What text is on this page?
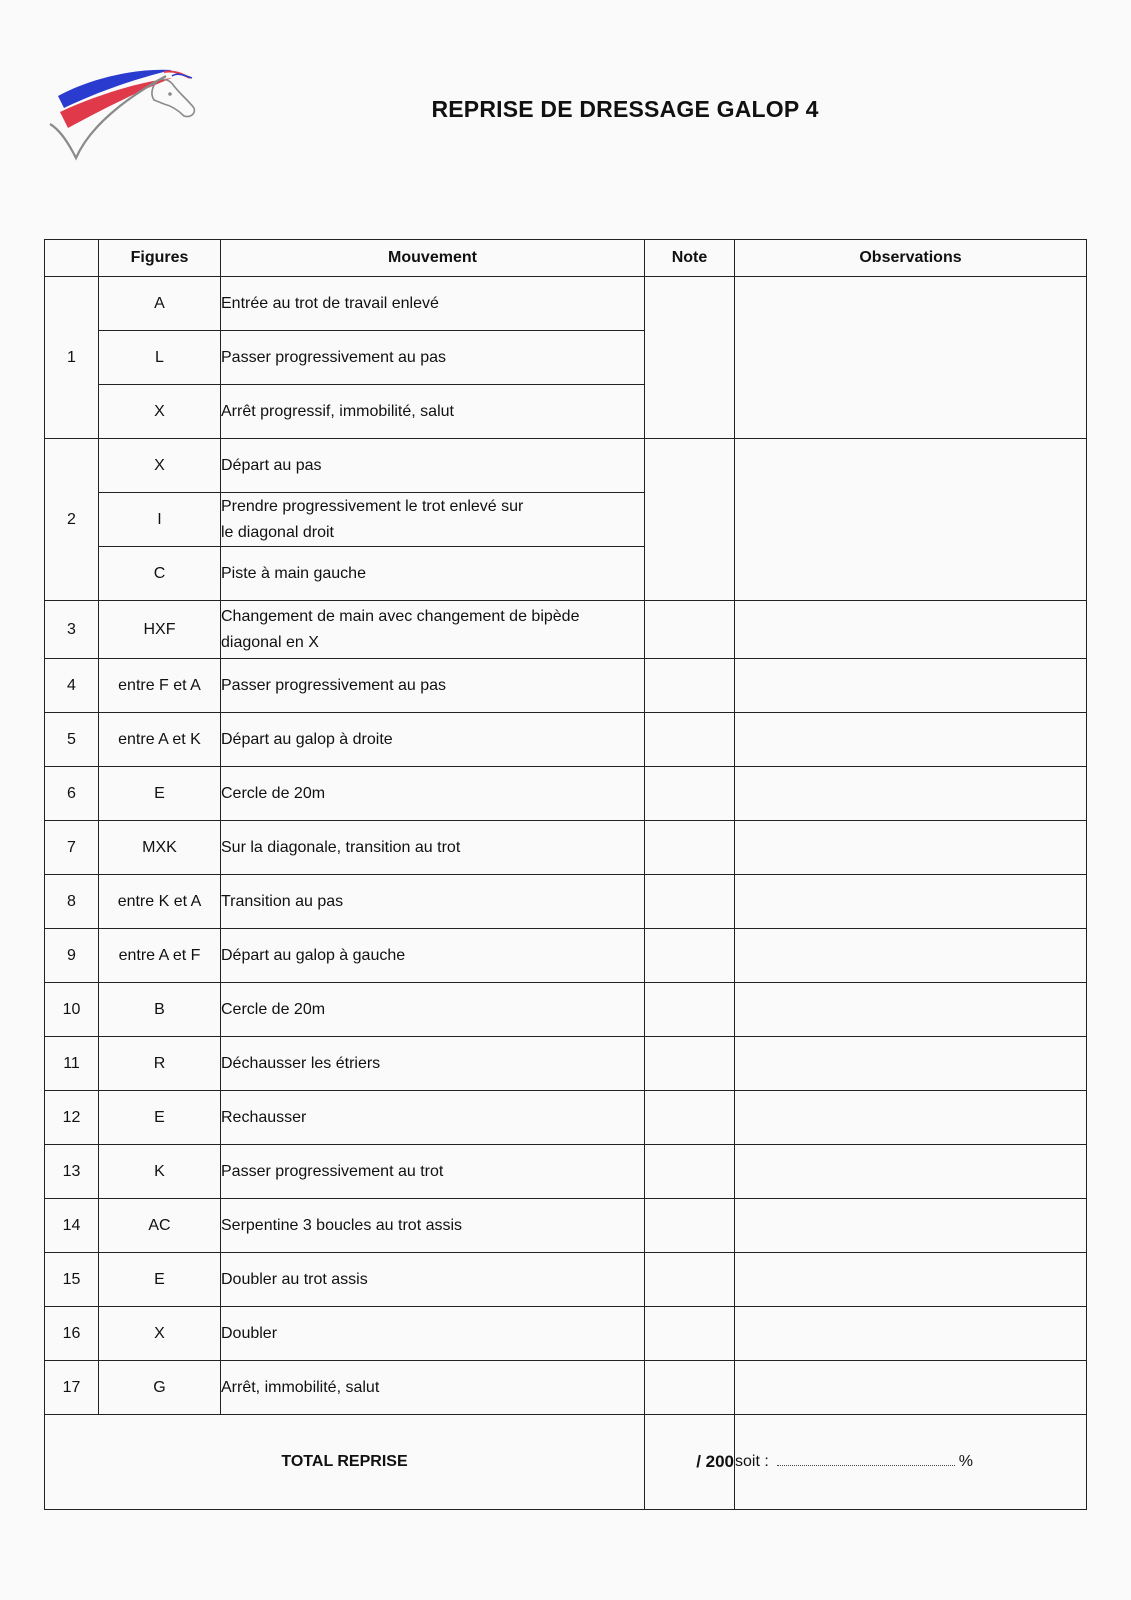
REPRISE DE DRESSAGE GALOP 4
	Figures	Mouvement	Note	Observations
1	A	Entrée au trot de travail enlevé		
	L	Passer progressivement au pas		
	X	Arrêt progressif, immobilité, salut		
2	X	Départ au pas		
	I	Prendre progressivement le trot enlevé sur
le diagonal droit		
	C	Piste à main gauche		
3	HXF	Changement de main avec changement de bipède
diagonal en X		
4	entre F et A	Passer progressivement au pas		
5	entre A et K	Départ au galop à droite		
6	E	Cercle de 20m		
7	MXK	Sur la diagonale, transition au trot		
8	entre K et A	Transition au pas		
9	entre A et F	Départ au galop à gauche		
10	B	Cercle de 20m		
11	R	Déchausser les étriers		
12	E	Rechausser		
13	K	Passer progressivement au trot		
14	AC	Serpentine 3 boucles au trot assis		
15	E	Doubler au trot assis		
16	X	Doubler		
17	G	Arrêt, immobilité, salut		
TOTAL REPRISE			/ 200	soit : %
